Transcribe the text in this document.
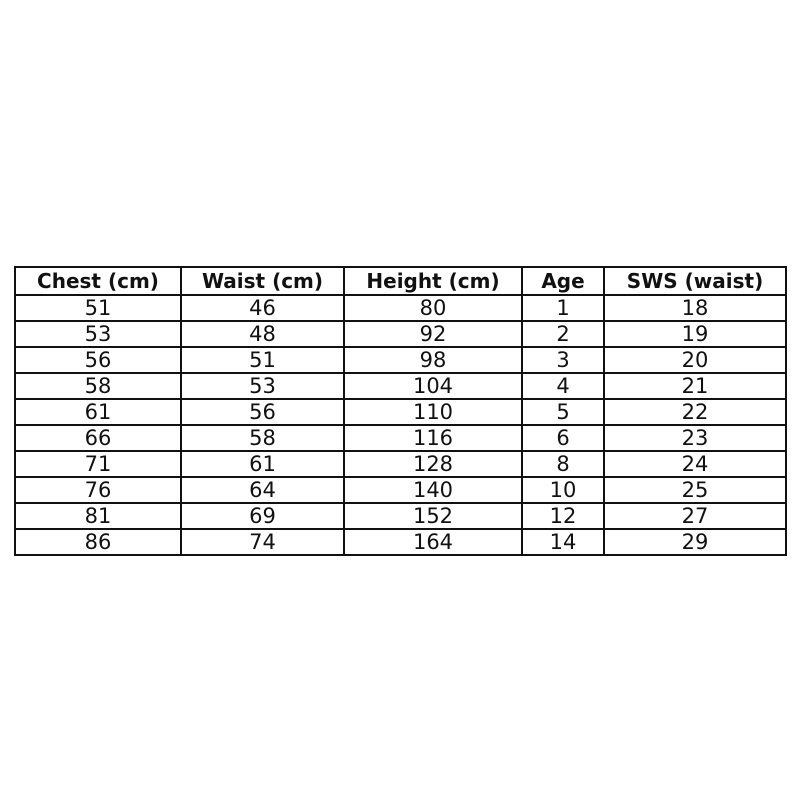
Chest (cm)	Waist (cm)	Height (cm)	Age	SWS (waist)
51	46	80	1	18
53	48	92	2	19
56	51	98	3	20
58	53	104	4	21
61	56	110	5	22
66	58	116	6	23
71	61	128	8	24
76	64	140	10	25
81	69	152	12	27
86	74	164	14	29
